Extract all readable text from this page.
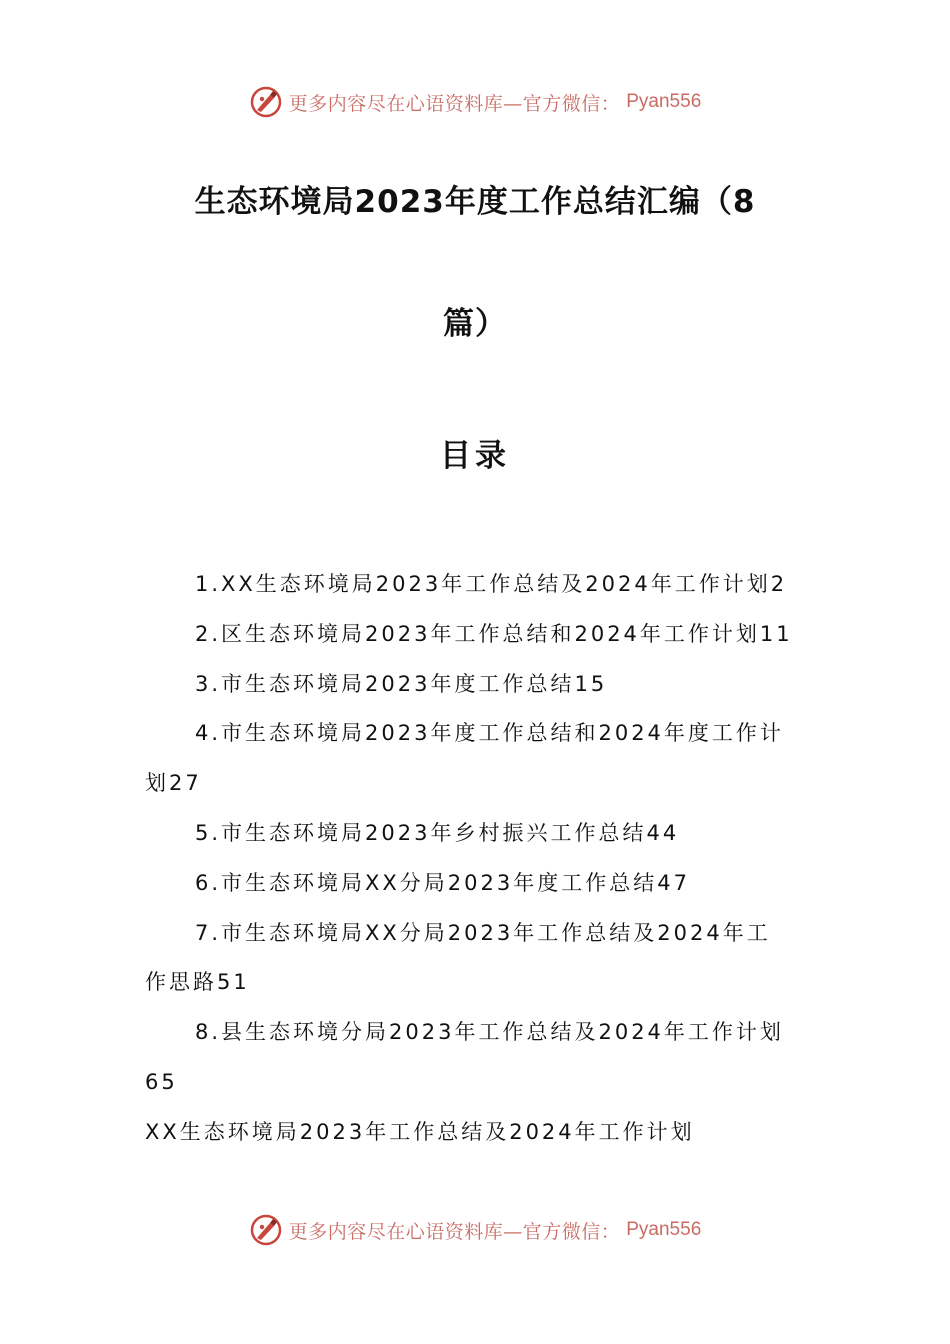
更多内容尽在心语资料库—官方微信： Pyan556
生态环境局2023年度工作总结汇编（8
篇）
目录
1.XX生态环境局2023年工作总结及2024年工作计划2
2.区生态环境局2023年工作总结和2024年工作计划11
3.市生态环境局2023年度工作总结15
4.市生态环境局2023年度工作总结和2024年度工作计
划27
5.市生态环境局2023年乡村振兴工作总结44
6.市生态环境局XX分局2023年度工作总结47
7.市生态环境局XX分局2023年工作总结及2024年工
作思路51
8.县生态环境分局2023年工作总结及2024年工作计划
65
XX生态环境局2023年工作总结及2024年工作计划
更多内容尽在心语资料库—官方微信： Pyan556
